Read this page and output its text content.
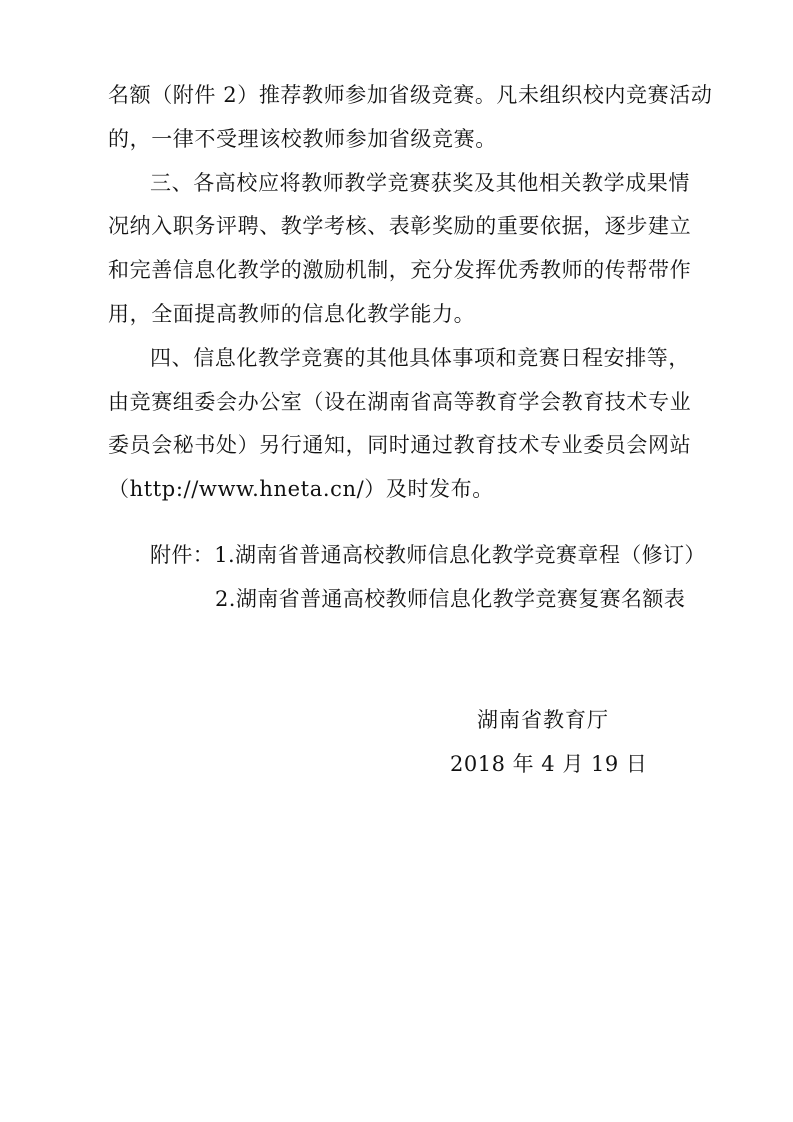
名额（附件 2）推荐教师参加省级竞赛。凡未组织校内竞赛活动
的，一律不受理该校教师参加省级竞赛。
三、各高校应将教师教学竞赛获奖及其他相关教学成果情
况纳入职务评聘、教学考核、表彰奖励的重要依据，逐步建立
和完善信息化教学的激励机制，充分发挥优秀教师的传帮带作
用，全面提高教师的信息化教学能力。
四、信息化教学竞赛的其他具体事项和竞赛日程安排等，
由竞赛组委会办公室（设在湖南省高等教育学会教育技术专业
委员会秘书处）另行通知，同时通过教育技术专业委员会网站
（http://www.hneta.cn/）及时发布。
附件：1.湖南省普通高校教师信息化教学竞赛章程（修订）
2.湖南省普通高校教师信息化教学竞赛复赛名额表
湖南省教育厅
2018 年 4 月 19 日
